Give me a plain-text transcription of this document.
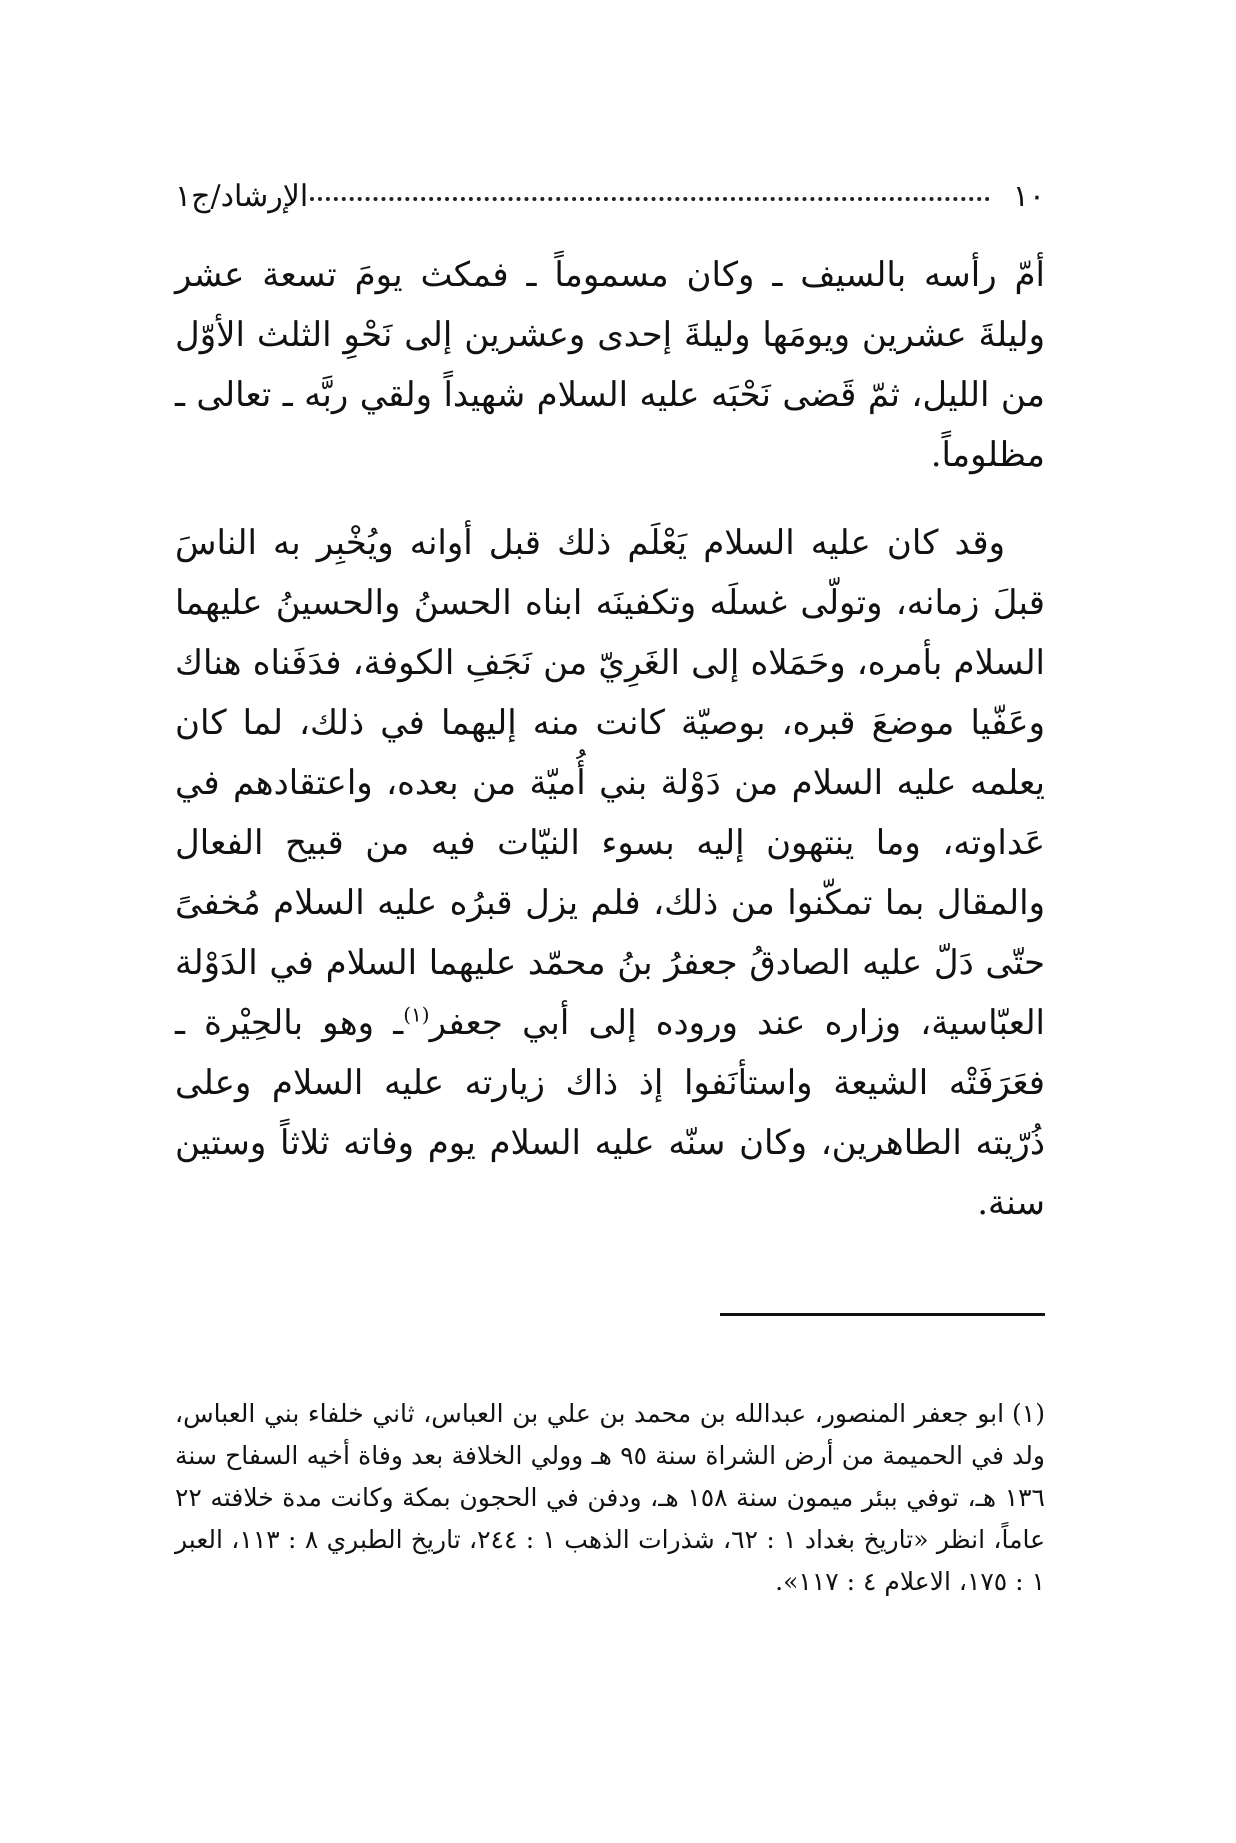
١٠
الإرشاد/ج١

أمّ رأسه بالسيف ـ وكان مسموماً ـ فمكث يومَ تسعة عشر وليلةَ عشرين ويومَها وليلةَ إحدى وعشرين إلى نَحْوِ الثلث الأوّل من الليل، ثمّ قَضى نَحْبَه عليه السلام شهيداً ولقي ربَّه ـ تعالى ـ مظلوماً.

وقد كان عليه السلام يَعْلَم ذلك قبل أوانه ويُخْبِر به الناسَ قبلَ زمانه، وتولّى غسلَه وتكفينَه ابناه الحسنُ والحسينُ عليهما السلام بأمره، وحَمَلاه إلى الغَرِيّ من نَجَفِ الكوفة، فدَفَناه هناك وعَفّيا موضعَ قبره، بوصيّة كانت منه إليهما في ذلك، لما كان يعلمه عليه السلام من دَوْلة بني أُميّة من بعده، واعتقادهم في عَداوته، وما ينتهون إليه بسوء النيّات فيه من قبيح الفعال والمقال بما تمكّنوا من ذلك، فلم يزل قبرُه عليه السلام مُخفىً حتّى دَلّ عليه الصادقُ جعفرُ بنُ محمّد عليهما السلام في الدَوْلة العبّاسية، وزاره عند وروده إلى أبي جعفر$^{(١)}$ـ وهو بالحِيْرة ـ فعَرَفَتْه الشيعة واستأنَفوا إذ ذاك زيارته عليه السلام وعلى ذُرّيته الطاهرين، وكان سنّه عليه السلام يوم وفاته ثلاثاً وستين سنة.

(١)ابو جعفر المنصور، عبدالله بن محمد بن علي بن العباس، ثاني خلفاء بني العباس، ولد في الحميمة من أرض الشراة سنة ٩٥ هـ وولي الخلافة بعد وفاة أخيه السفاح سنة ١٣٦ هـ، توفي ببئر ميمون سنة ١٥٨ هـ، ودفن في الحجون بمكة وكانت مدة خلافته ٢٢ عاماً، انظر «تاريخ بغداد ١ : ٦٢، شذرات الذهب ١ : ٢٤٤، تاريخ الطبري ٨ : ١١٣، العبر ١ : ١٧٥، الاعلام ٤ : ١١٧».
